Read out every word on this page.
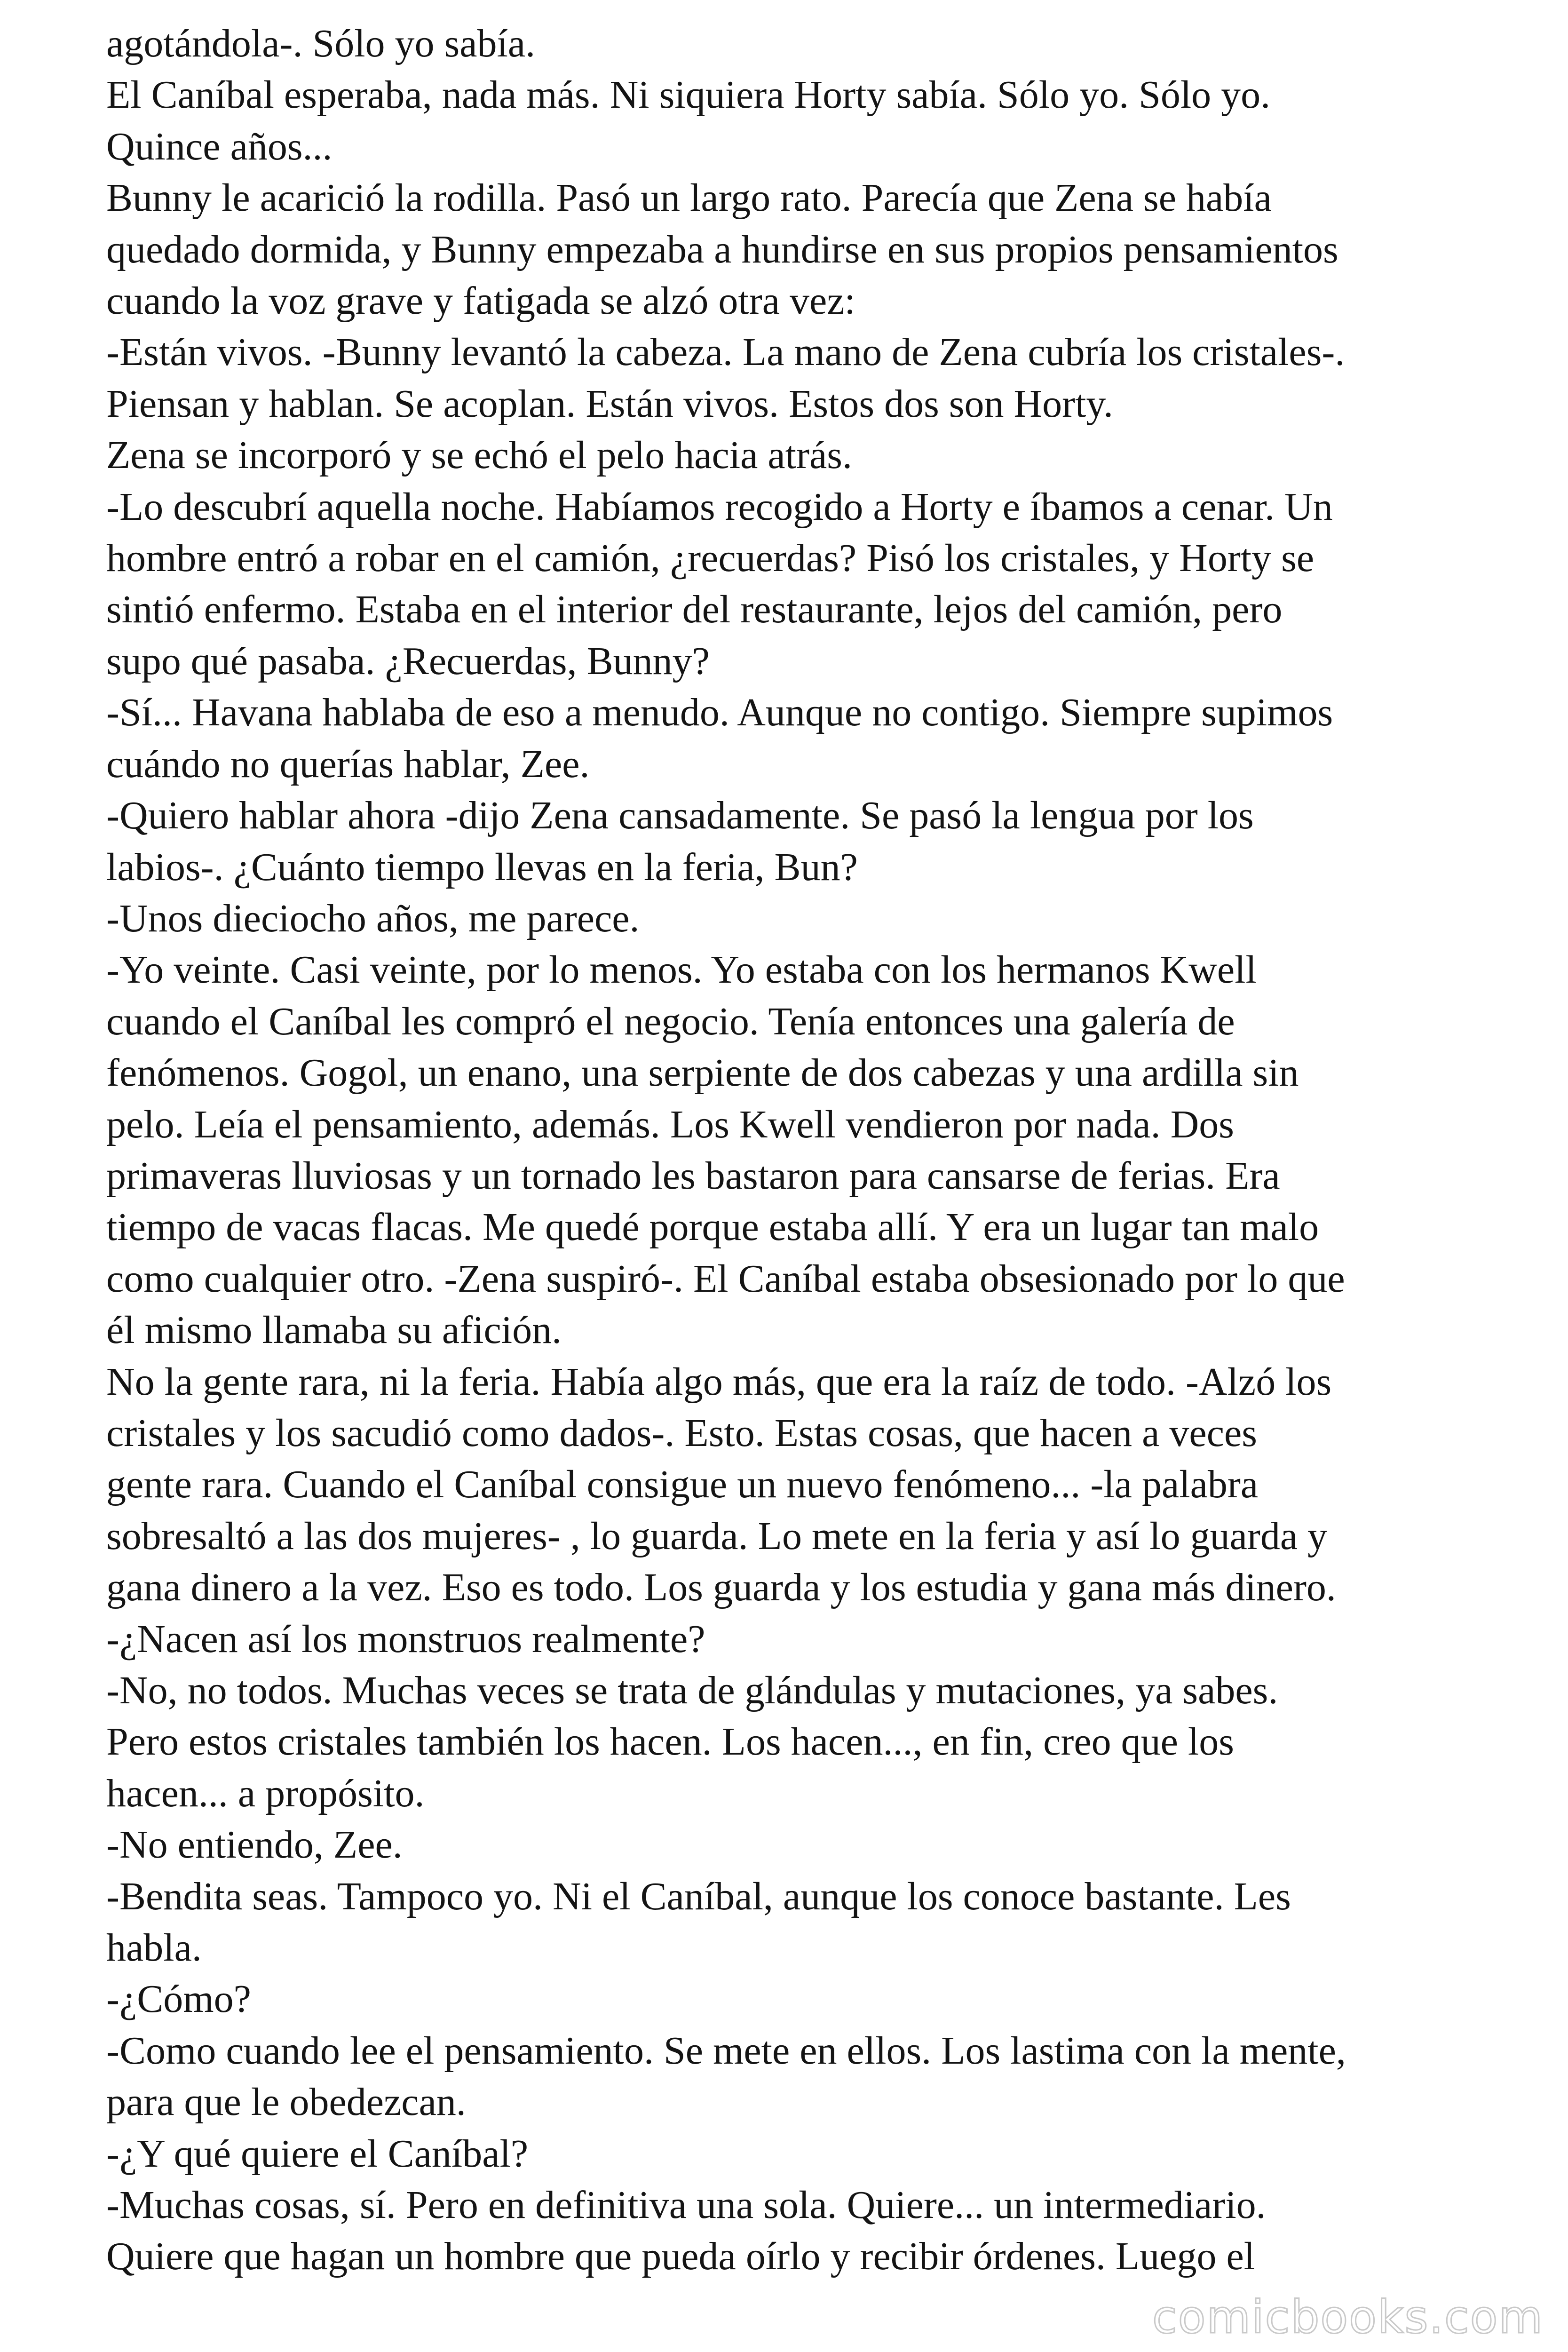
agotándola-. Sólo yo sabía.
El Caníbal esperaba, nada más. Ni siquiera Horty sabía. Sólo yo. Sólo yo.
Quince años...
Bunny le acarició la rodilla. Pasó un largo rato. Parecía que Zena se había
quedado dormida, y Bunny empezaba a hundirse en sus propios pensamientos
cuando la voz grave y fatigada se alzó otra vez:
-Están vivos. -Bunny levantó la cabeza. La mano de Zena cubría los cristales-.
Piensan y hablan. Se acoplan. Están vivos. Estos dos son Horty.
Zena se incorporó y se echó el pelo hacia atrás.
-Lo descubrí aquella noche. Habíamos recogido a Horty e íbamos a cenar. Un
hombre entró a robar en el camión, ¿recuerdas? Pisó los cristales, y Horty se
sintió enfermo. Estaba en el interior del restaurante, lejos del camión, pero
supo qué pasaba. ¿Recuerdas, Bunny?
-Sí... Havana hablaba de eso a menudo. Aunque no contigo. Siempre supimos
cuándo no querías hablar, Zee.
-Quiero hablar ahora -dijo Zena cansadamente. Se pasó la lengua por los
labios-. ¿Cuánto tiempo llevas en la feria, Bun?
-Unos dieciocho años, me parece.
-Yo veinte. Casi veinte, por lo menos. Yo estaba con los hermanos Kwell
cuando el Caníbal les compró el negocio. Tenía entonces una galería de
fenómenos. Gogol, un enano, una serpiente de dos cabezas y una ardilla sin
pelo. Leía el pensamiento, además. Los Kwell vendieron por nada. Dos
primaveras lluviosas y un tornado les bastaron para cansarse de ferias. Era
tiempo de vacas flacas. Me quedé porque estaba allí. Y era un lugar tan malo
como cualquier otro. -Zena suspiró-. El Caníbal estaba obsesionado por lo que
él mismo llamaba su afición.
No la gente rara, ni la feria. Había algo más, que era la raíz de todo. -Alzó los
cristales y los sacudió como dados-. Esto. Estas cosas, que hacen a veces
gente rara. Cuando el Caníbal consigue un nuevo fenómeno... -la palabra
sobresaltó a las dos mujeres- , lo guarda. Lo mete en la feria y así lo guarda y
gana dinero a la vez. Eso es todo. Los guarda y los estudia y gana más dinero.
-¿Nacen así los monstruos realmente?
-No, no todos. Muchas veces se trata de glándulas y mutaciones, ya sabes.
Pero estos cristales también los hacen. Los hacen..., en fin, creo que los
hacen... a propósito.
-No entiendo, Zee.
-Bendita seas. Tampoco yo. Ni el Caníbal, aunque los conoce bastante. Les
habla.
-¿Cómo?
-Como cuando lee el pensamiento. Se mete en ellos. Los lastima con la mente,
para que le obedezcan.
-¿Y qué quiere el Caníbal?
-Muchas cosas, sí. Pero en definitiva una sola. Quiere... un intermediario.
Quiere que hagan un hombre que pueda oírlo y recibir órdenes. Luego el
comicbooks.com
